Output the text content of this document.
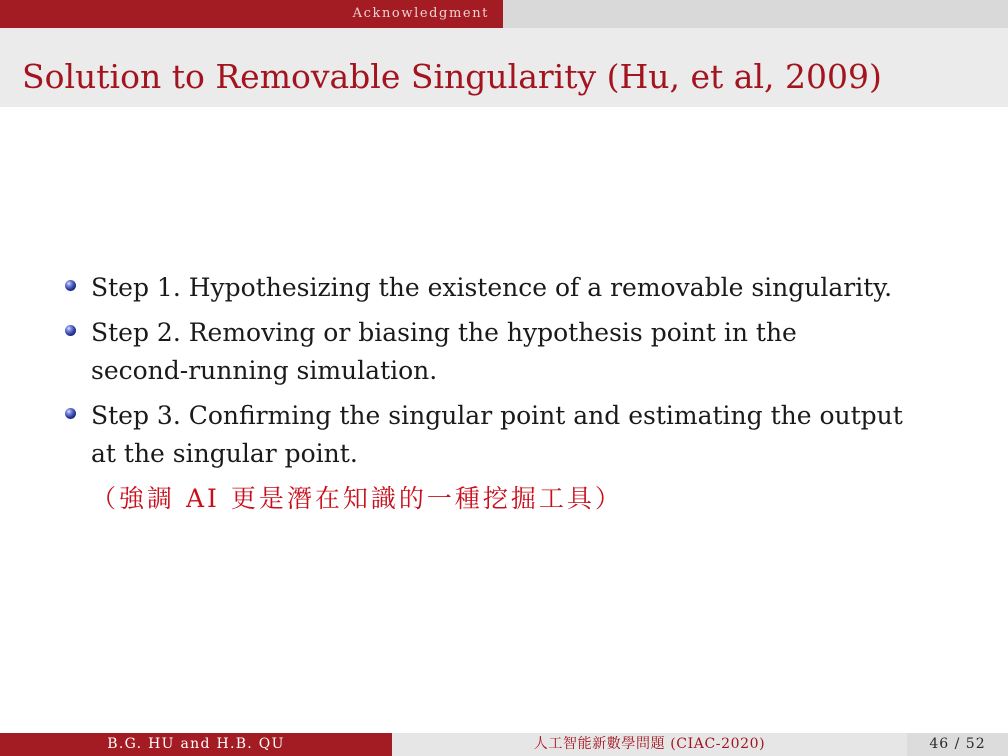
Acknowledgment
Solution to Removable Singularity (Hu, et al, 2009)
Step 1. Hypothesizing the existence of a removable singularity.
Step 2. Removing or biasing the hypothesis point in the
second-running simulation.
Step 3. Confirming the singular point and estimating the output
at the singular point.
（強調 AI 更是潛在知識的一種挖掘工具）
B.G. HU and H.B. QU	人工智能新數學問題 (CIAC-2020)	46 / 52
